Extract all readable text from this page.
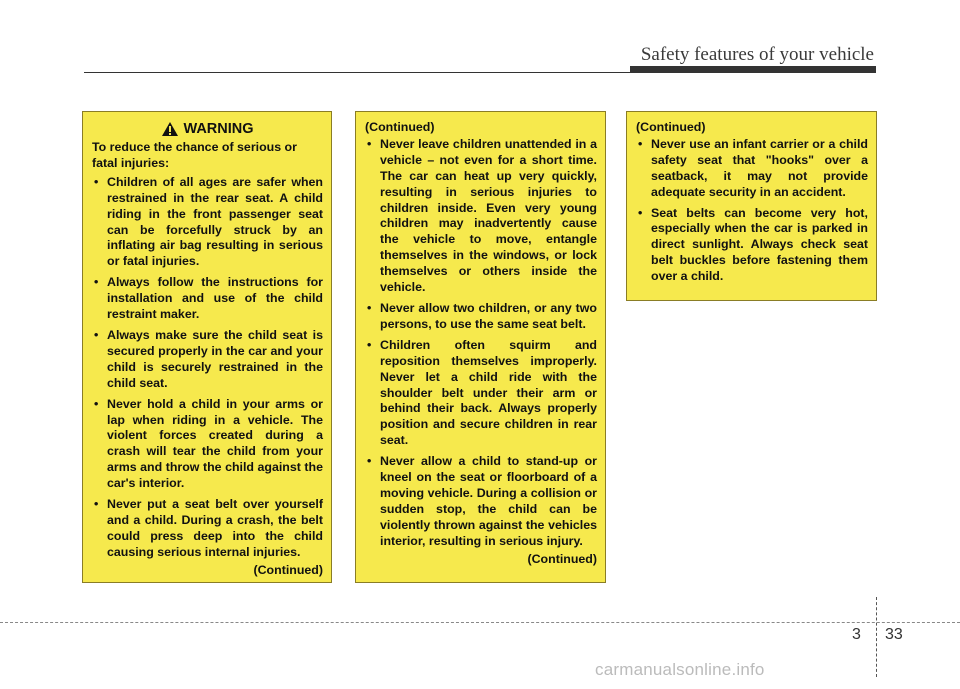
Safety features of your vehicle
WARNING

To reduce the chance of serious or fatal injuries:

• Children of all ages are safer when restrained in the rear seat. A child riding in the front passenger seat can be forcefully struck by an inflating air bag resulting in serious or fatal injuries.
• Always follow the instructions for installation and use of the child restraint maker.
• Always make sure the child seat is secured properly in the car and your child is securely restrained in the child seat.
• Never hold a child in your arms or lap when riding in a vehicle. The violent forces created during a crash will tear the child from your arms and throw the child against the car's interior.
• Never put a seat belt over yourself and a child. During a crash, the belt could press deep into the child causing serious internal injuries.
(Continued)

(Continued)

• Never leave children unattended in a vehicle – not even for a short time. The car can heat up very quickly, resulting in serious injuries to children inside. Even very young children may inadvertently cause the vehicle to move, entangle themselves in the windows, or lock themselves or others inside the vehicle.
• Never allow two children, or any two persons, to use the same seat belt.
• Children often squirm and reposition themselves improperly. Never let a child ride with the shoulder belt under their arm or behind their back. Always properly position and secure children in rear seat.
• Never allow a child to stand-up or kneel on the seat or floorboard of a moving vehicle. During a collision or sudden stop, the child can be violently thrown against the vehicles interior, resulting in serious injury.
(Continued)

(Continued)

• Never use an infant carrier or a child safety seat that "hooks" over a seatback, it may not provide adequate security in an accident.
• Seat belts can become very hot, especially when the car is parked in direct sunlight. Always check seat belt buckles before fastening them over a child.
3 33
carmanualsonline.info
